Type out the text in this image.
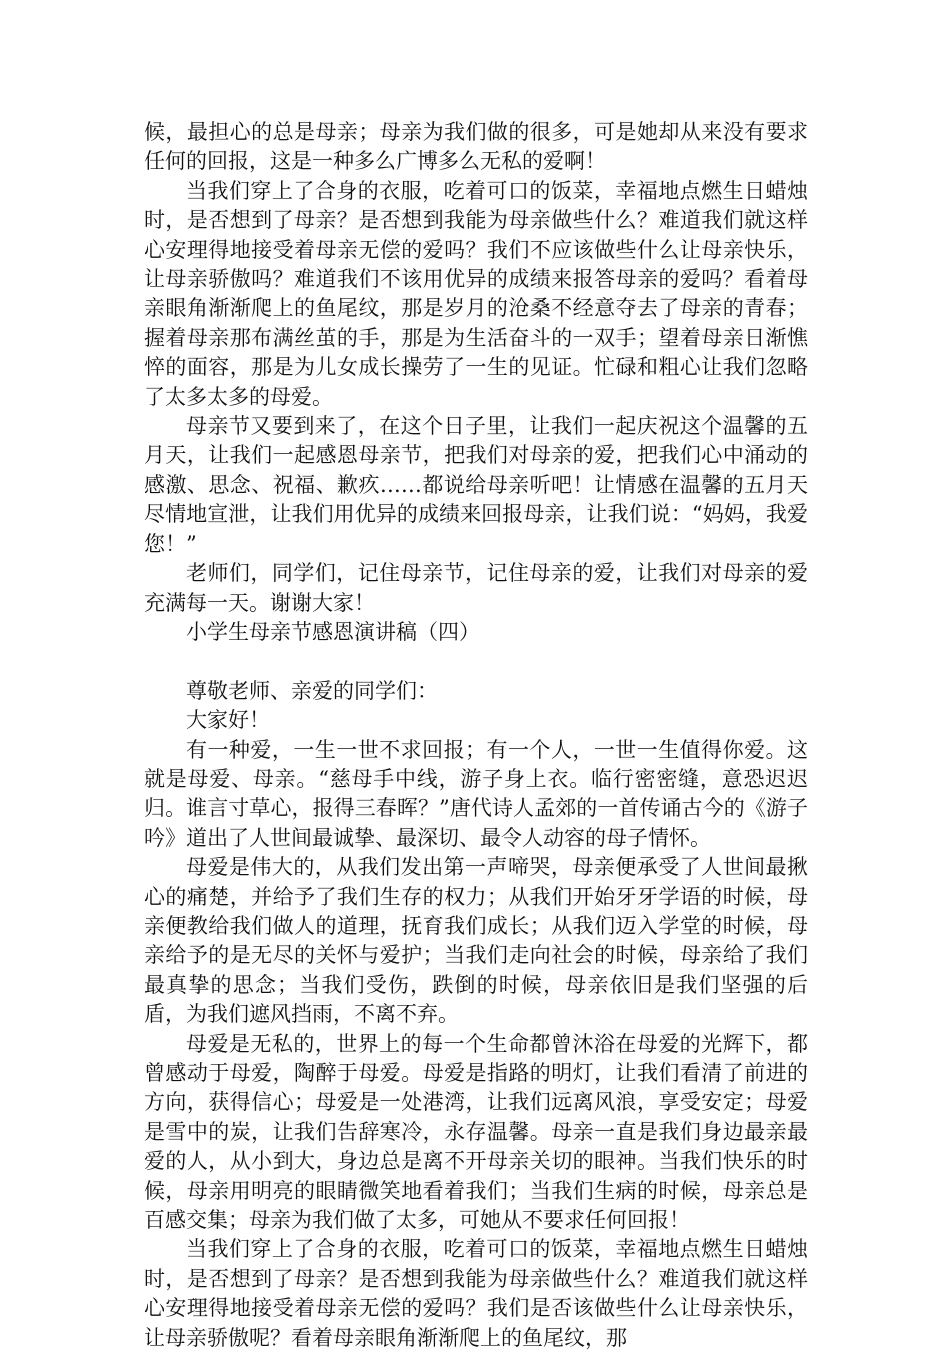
候，最担心的总是母亲；母亲为我们做的很多，可是她却从来没有要求任何的回报，这是一种多么广博多么无私的爱啊！

当我们穿上了合身的衣服，吃着可口的饭菜，幸福地点燃生日蜡烛时，是否想到了母亲？是否想到我能为母亲做些什么？难道我们就这样心安理得地接受着母亲无偿的爱吗？我们不应该做些什么让母亲快乐，让母亲骄傲吗？难道我们不该用优异的成绩来报答母亲的爱吗？看着母亲眼角渐渐爬上的鱼尾纹，那是岁月的沧桑不经意夺去了母亲的青春；握着母亲那布满丝茧的手，那是为生活奋斗的一双手；望着母亲日渐憔悴的面容，那是为儿女成长操劳了一生的见证。忙碌和粗心让我们忽略了太多太多的母爱。

母亲节又要到来了，在这个日子里，让我们一起庆祝这个温馨的五月天，让我们一起感恩母亲节，把我们对母亲的爱，把我们心中涌动的感激、思念、祝福、歉疚……都说给母亲听吧！让情感在温馨的五月天尽情地宣泄，让我们用优异的成绩来回报母亲，让我们说：“妈妈，我爱您！”

老师们，同学们，记住母亲节，记住母亲的爱，让我们对母亲的爱充满每一天。谢谢大家！

小学生母亲节感恩演讲稿（四）

尊敬老师、亲爱的同学们：

大家好！

有一种爱，一生一世不求回报；有一个人，一世一生值得你爱。这就是母爱、母亲。“慈母手中线，游子身上衣。临行密密缝，意恐迟迟归。谁言寸草心，报得三春晖？”唐代诗人孟郊的一首传诵古今的《游子吟》道出了人世间最诚挚、最深切、最令人动容的母子情怀。

母爱是伟大的，从我们发出第一声啼哭，母亲便承受了人世间最揪心的痛楚，并给予了我们生存的权力；从我们开始牙牙学语的时候，母亲便教给我们做人的道理，抚育我们成长；从我们迈入学堂的时候，母亲给予的是无尽的关怀与爱护；当我们走向社会的时候，母亲给了我们最真挚的思念；当我们受伤，跌倒的时候，母亲依旧是我们坚强的后盾，为我们遮风挡雨，不离不弃。

母爱是无私的，世界上的每一个生命都曾沐浴在母爱的光辉下，都曾感动于母爱，陶醉于母爱。母爱是指路的明灯，让我们看清了前进的方向，获得信心；母爱是一处港湾，让我们远离风浪，享受安定；母爱是雪中的炭，让我们告辞寒冷，永存温馨。母亲一直是我们身边最亲最爱的人，从小到大，身边总是离不开母亲关切的眼神。当我们快乐的时候，母亲用明亮的眼睛微笑地看着我们；当我们生病的时候，母亲总是百感交集；母亲为我们做了太多，可她从不要求任何回报！

当我们穿上了合身的衣服，吃着可口的饭菜，幸福地点燃生日蜡烛时，是否想到了母亲？是否想到我能为母亲做些什么？难道我们就这样心安理得地接受着母亲无偿的爱吗？我们是否该做些什么让母亲快乐，让母亲骄傲呢？看着母亲眼角渐渐爬上的鱼尾纹，那
